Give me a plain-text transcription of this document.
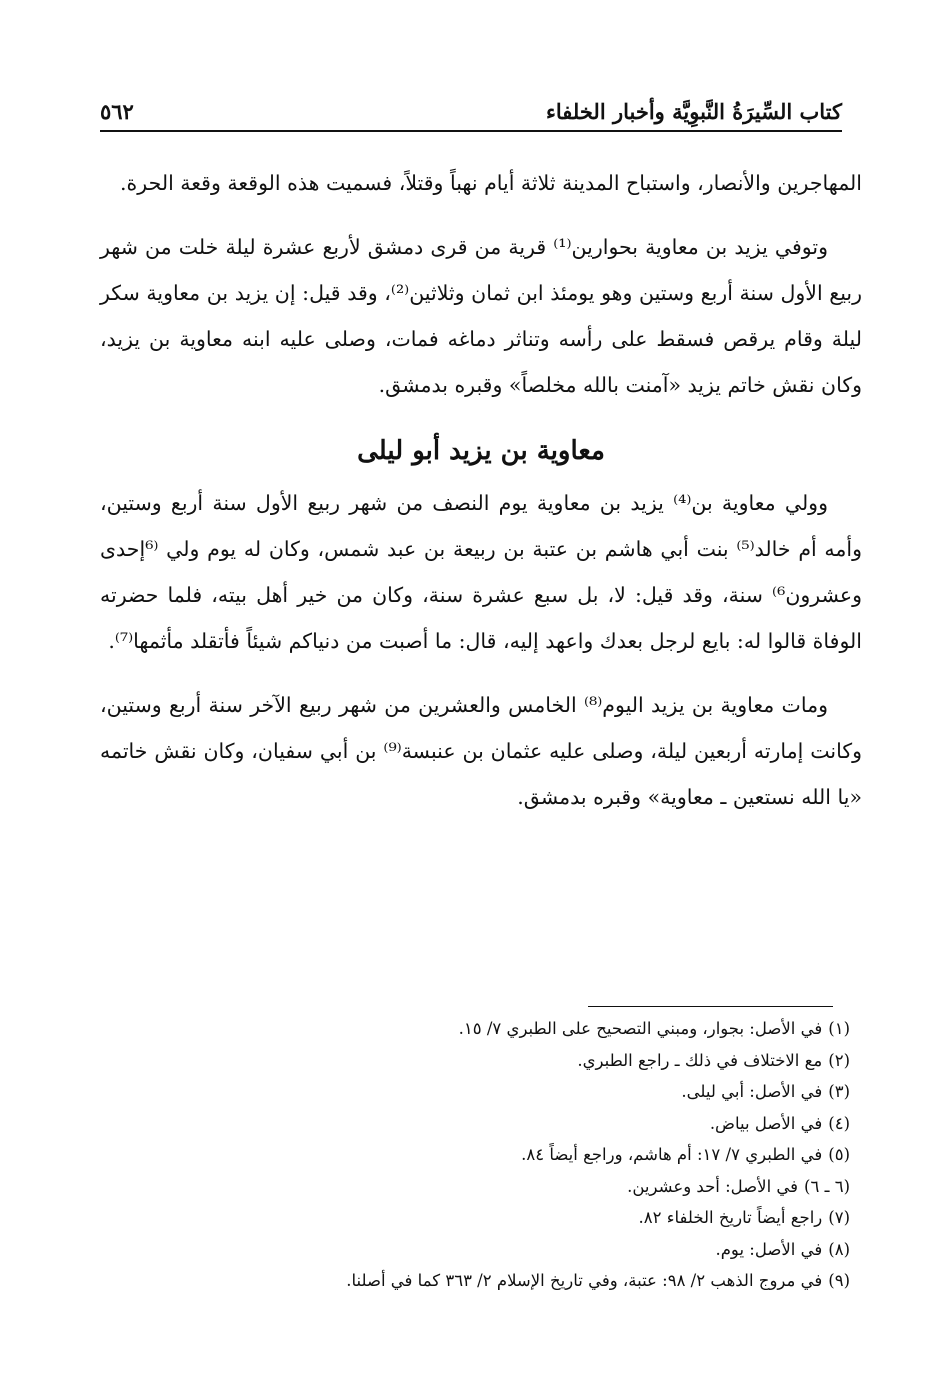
كتاب السِّيرَةُ النَّبوِيَّة وأخبار الخلفاء
٥٦٢

المهاجرين والأنصار، واستباح المدينة ثلاثة أيام نهباً وقتلاً، فسميت هذه الوقعة وقعة الحرة.

وتوفي يزيد بن معاوية بحوارين⁽¹⁾ قرية من قرى دمشق لأربع عشرة ليلة خلت من شهر ربيع الأول سنة أربع وستين وهو يومئذ ابن ثمان وثلاثين⁽²⁾، وقد قيل: إن يزيد بن معاوية سكر ليلة وقام يرقص فسقط على رأسه وتناثر دماغه فمات، وصلى عليه ابنه معاوية بن يزيد، وكان نقش خاتم يزيد «آمنت بالله مخلصاً» وقبره بدمشق.

معاوية بن يزيد أبو ليلى

وولي معاوية بن⁽⁴⁾ يزيد بن معاوية يوم النصف من شهر ربيع الأول سنة أربع وستين، وأمه أم خالد⁽⁵⁾ بنت أبي هاشم بن عتبة بن ربيعة بن عبد شمس، وكان له يوم ولي ⁽⁶إحدى وعشرون⁶⁾ سنة، وقد قيل: لا، بل سبع عشرة سنة، وكان من خير أهل بيته، فلما حضرته الوفاة قالوا له: بايع لرجل بعدك واعهد إليه، قال: ما أصبت من دنياكم شيئاً فأتقلد مأثمها⁽⁷⁾.

ومات معاوية بن يزيد اليوم⁽⁸⁾ الخامس والعشرين من شهر ربيع الآخر سنة أربع وستين، وكانت إمارته أربعين ليلة، وصلى عليه عثمان بن عنبسة⁽⁹⁾ بن أبي سفيان، وكان نقش خاتمه «يا الله نستعين ـ معاوية» وقبره بدمشق.

(١)في الأصل: بجوار، ومبني التصحيح على الطبري ٧/ ١٥.
(٢)مع الاختلاف في ذلك ـ راجع الطبري.
(٣)في الأصل: أبي ليلى.
(٤)في الأصل بياض.
(٥)في الطبري ٧/ ١٧: أم هاشم، وراجع أيضاً ٨٤.
(٦ ـ ٦)في الأصل: أحد وعشرين.
(٧)راجع أيضاً تاريخ الخلفاء ٨٢.
(٨)في الأصل: يوم.
(٩)في مروج الذهب ٢/ ٩٨: عتبة، وفي تاريخ الإسلام ٢/ ٣٦٣ كما في أصلنا.
